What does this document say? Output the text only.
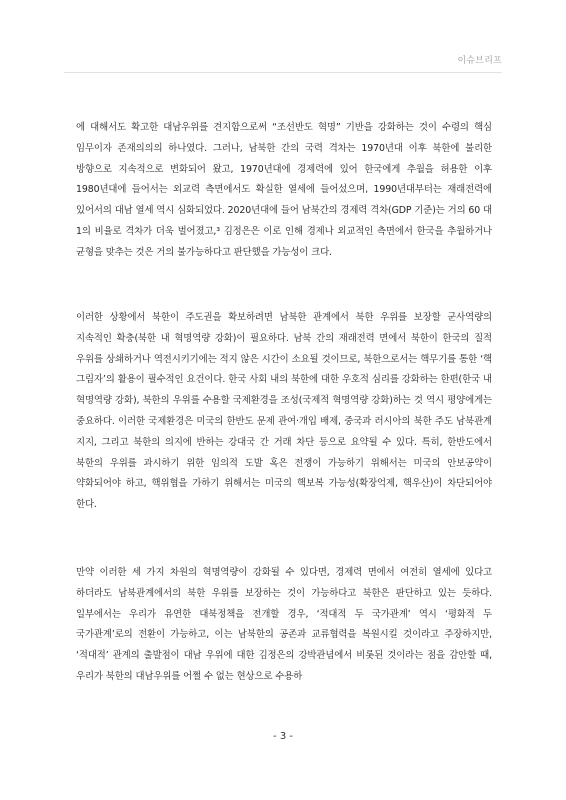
이슈브리프

에 대해서도 확고한 대남우위를 견지함으로써 “조선반도 혁명” 기반을 강화하는 것이 수령의 핵심 임무이자 존재의의의 하나였다. 그러나, 남북한 간의 국력 격차는 1970년대 이후 북한에 불리한 방향으로 지속적으로 변화되어 왔고, 1970년대에 경제력에 있어 한국에게 추월을 허용한 이후 1980년대에 들어서는 외교력 측면에서도 확실한 열세에 들어섰으며, 1990년대부터는 재래전력에 있어서의 대남 열세 역시 심화되었다. 2020년대에 들어 남북간의 경제력 격차(GDP 기준)는 거의 60 대 1의 비율로 격차가 더욱 벌어졌고,³ 김정은은 이로 인해 경제나 외교적인 측면에서 한국을 추월하거나 균형을 맞추는 것은 거의 불가능하다고 판단했을 가능성이 크다.

이러한 상황에서 북한이 주도권을 확보하려면 남북한 관계에서 북한 우위를 보장할 군사역량의 지속적인 확충(북한 내 혁명역량 강화)이 필요하다. 남북 간의 재래전력 면에서 북한이 한국의 질적 우위를 상쇄하거나 역전시키기에는 적지 않은 시간이 소요될 것이므로, 북한으로서는 핵무기를 통한 ‘핵 그림자’의 활용이 필수적인 요건이다. 한국 사회 내의 북한에 대한 우호적 심리를 강화하는 한편(한국 내 혁명역량 강화), 북한의 우위를 수용할 국제환경을 조성(국제적 혁명역량 강화)하는 것 역시 평양에게는 중요하다. 이러한 국제환경은 미국의 한반도 문제 관여·개입 배제, 중국과 러시아의 북한 주도 남북관계 지지, 그리고 북한의 의지에 반하는 강대국 간 거래 차단 등으로 요약될 수 있다. 특히, 한반도에서 북한의 우위를 과시하기 위한 임의적 도발 혹은 전쟁이 가능하기 위해서는 미국의 안보공약이 약화되어야 하고, 핵위협을 가하기 위해서는 미국의 핵보복 가능성(확장억제, 핵우산)이 차단되어야 한다.

만약 이러한 세 가지 차원의 혁명역량이 강화될 수 있다면, 경제력 면에서 여전히 열세에 있다고 하더라도 남북관계에서의 북한 우위를 보장하는 것이 가능하다고 북한은 판단하고 있는 듯하다. 일부에서는 우리가 유연한 대북정책을 전개할 경우, ‘적대적 두 국가관계’ 역시 ‘평화적 두 국가관계’로의 전환이 가능하고, 이는 남북한의 공존과 교류협력을 복원시킬 것이라고 주장하지만, ‘적대적’ 관계의 출발점이 대남 우위에 대한 김정은의 강박관념에서 비롯된 것이라는 점을 감안할 때, 우리가 북한의 대남우위를 어쩔 수 없는 현상으로 수용하

- 3 -
